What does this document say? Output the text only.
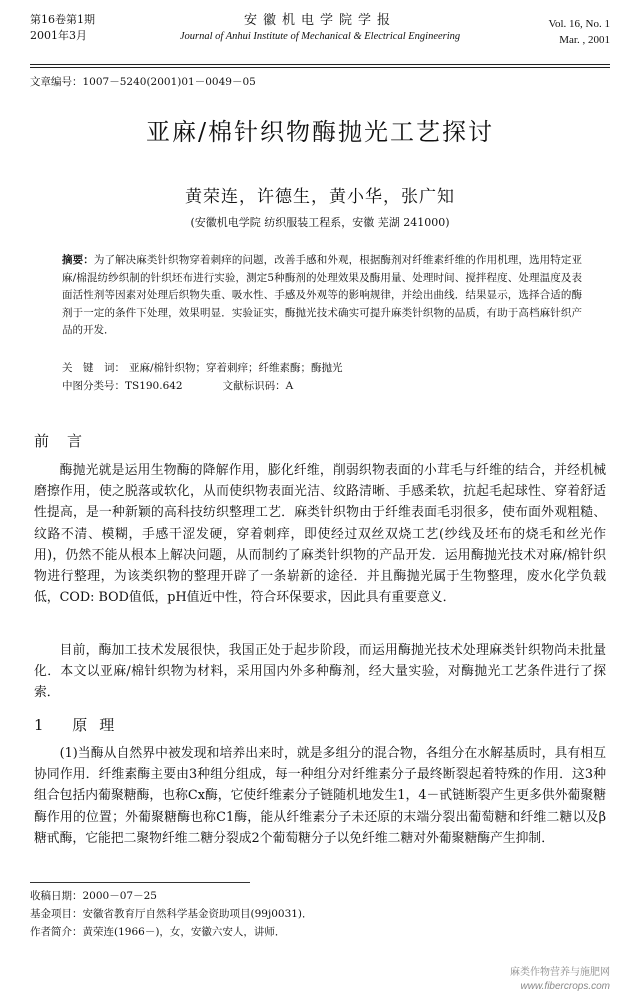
第16卷第1期
2001年3月
安徽机电学院学报
Journal of Anhui Institute of Mechanical & Electrical Engineering
Vol. 16, No. 1
Mar. , 2001
文章编号：1007－5240(2001)01－0049－05
亚麻/棉针织物酶抛光工艺探讨
黄荣连，许德生，黄小华，张广知
(安徽机电学院 纺织服装工程系，安徽 芜湖 241000)
摘要：为了解决麻类针织物穿着刺痒的问题，改善手感和外观，根据酶剂对纤维素纤维的作用机理，选用特定亚麻/棉混纺纱织制的针织坯布进行实验，测定5种酶剂的处理效果及酶用量、处理时间、搅拌程度、处理温度及表面活性剂等因素对处理后织物失重、吸水性、手感及外观等的影响规律，并绘出曲线．结果显示，选择合适的酶剂于一定的条件下处理，效果明显．实验证实，酶抛光技术确实可提升麻类针织物的品质，有助于高档麻针织产品的开发．
关　键　词： 亚麻/棉针织物；穿着刺痒；纤维素酶；酶抛光
中图分类号：TS190.642	文献标识码：A
前言

酶抛光就是运用生物酶的降解作用，膨化纤维，削弱织物表面的小茸毛与纤维的结合，并经机械磨擦作用，使之脱落或软化，从而使织物表面光洁、纹路清晰、手感柔软，抗起毛起球性、穿着舒适性提高，是一种新颖的高科技纺织整理工艺．麻类针织物由于纤维表面毛羽很多，使布面外观粗糙、纹路不清、模糊，手感干涩发硬，穿着刺痒，即使经过双丝双烧工艺(纱线及坯布的烧毛和丝光作用)，仍然不能从根本上解决问题，从而制约了麻类针织物的产品开发．运用酶抛光技术对麻/棉针织物进行整理，为该类织物的整理开辟了一条崭新的途径．并且酶抛光属于生物整理，废水化学负载低，COD: BOD值低，pH值近中性，符合环保要求，因此具有重要意义．

目前，酶加工技术发展很快，我国正处于起步阶段，而运用酶抛光技术处理麻类针织物尚未批量化．本文以亚麻/棉针织物为材料，采用国内外多种酶剂，经大量实验，对酶抛光工艺条件进行了探索．

1 原理

(1)当酶从自然界中被发现和培养出来时，就是多组分的混合物，各组分在水解基质时，具有相互协同作用．纤维素酶主要由3种组分组成，每一种组分对纤维素分子最终断裂起着特殊的作用．这3种组合包括内葡聚糖酶，也称Cx酶，它使纤维素分子链随机地发生1，4－甙链断裂产生更多供外葡聚糖酶作用的位置；外葡聚糖酶也称C1酶，能从纤维素分子未还原的末端分裂出葡萄糖和纤维二糖以及β糖甙酶，它能把二聚物纤维二糖分裂成2个葡萄糖分子以免纤维二糖对外葡聚糖酶产生抑制．

收稿日期：2000－07－25
基金项目：安徽省教育厅自然科学基金资助项目(99j0031)．
作者简介：黄荣连(1966－)，女，安徽六安人，讲师．
麻类作物营养与施肥网
www.fibercrops.com
